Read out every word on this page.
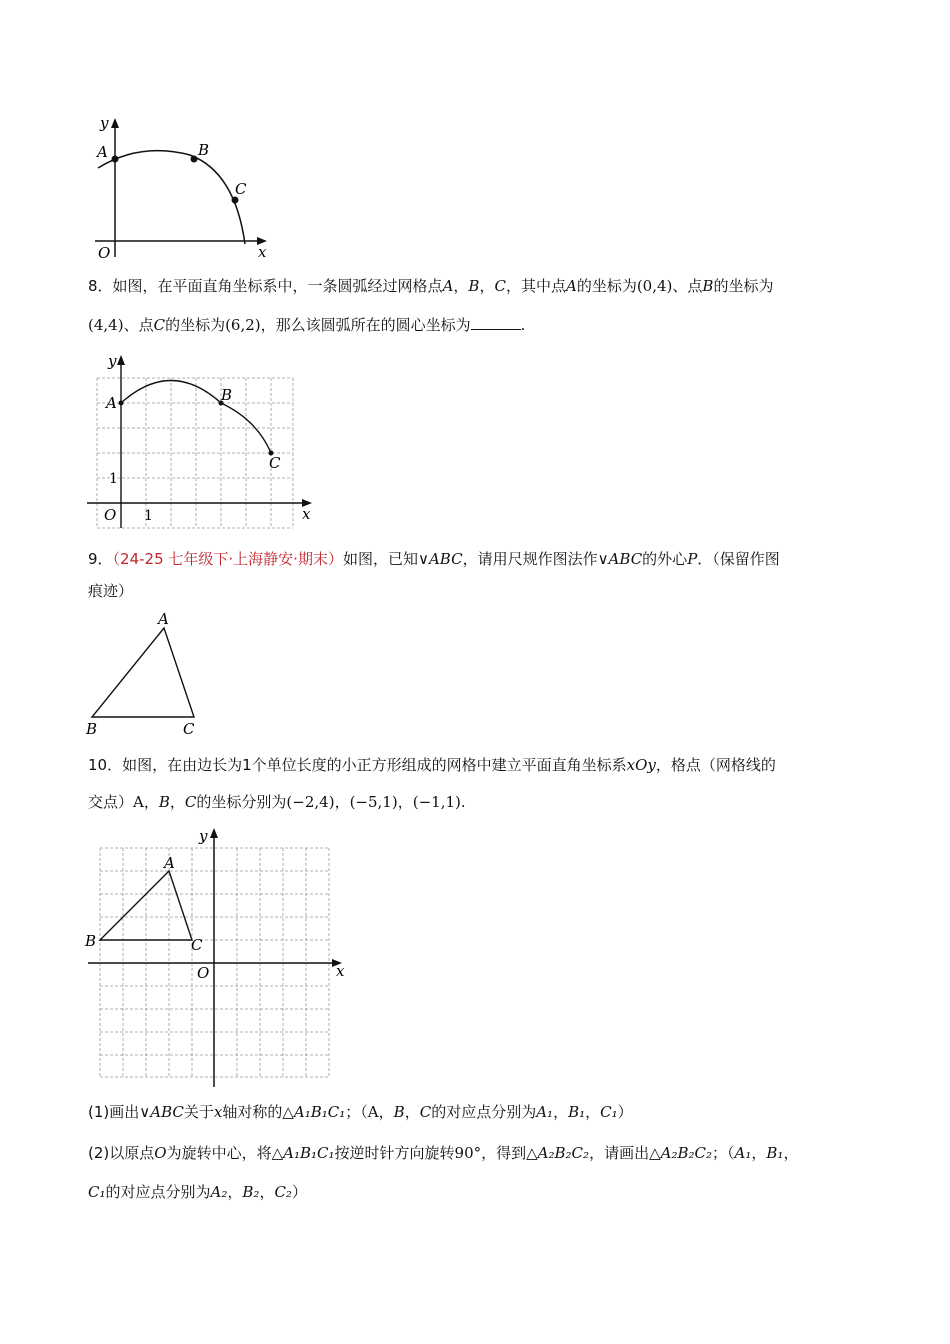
y
x
O
A	B
C
8．如图，在平面直角坐标系中，一条圆弧经过网格点A，B，C，其中点A的坐标为(0,4)、点B的坐标为
(4,4)、点C的坐标为(6,2)，那么该圆弧所在的圆心坐标为	.
y
x
O 1
1
A	B
C
9．（24-25 七年级下·上海静安·期末）如图，已知∨ABC，请用尺规作图法作∨ABC的外心P．（保留作图
痕迹）
A
B	C
10．如图，在由边长为1个单位长度的小正方形组成的网格中建立平面直角坐标系xOy，格点（网格线的
交点）A，B，C的坐标分别为(−2,4)，(−5,1)，(−1,1).
y
x
O
A
B	C
(1)画出∨ABC关于x轴对称的△A₁B₁C₁；（A，B，C的对应点分别为A₁，B₁，C₁）
(2)以原点O为旋转中心，将△A₁B₁C₁按逆时针方向旋转90°，得到△A₂B₂C₂，请画出△A₂B₂C₂；（A₁，B₁，
C₁的对应点分别为A₂，B₂，C₂）
